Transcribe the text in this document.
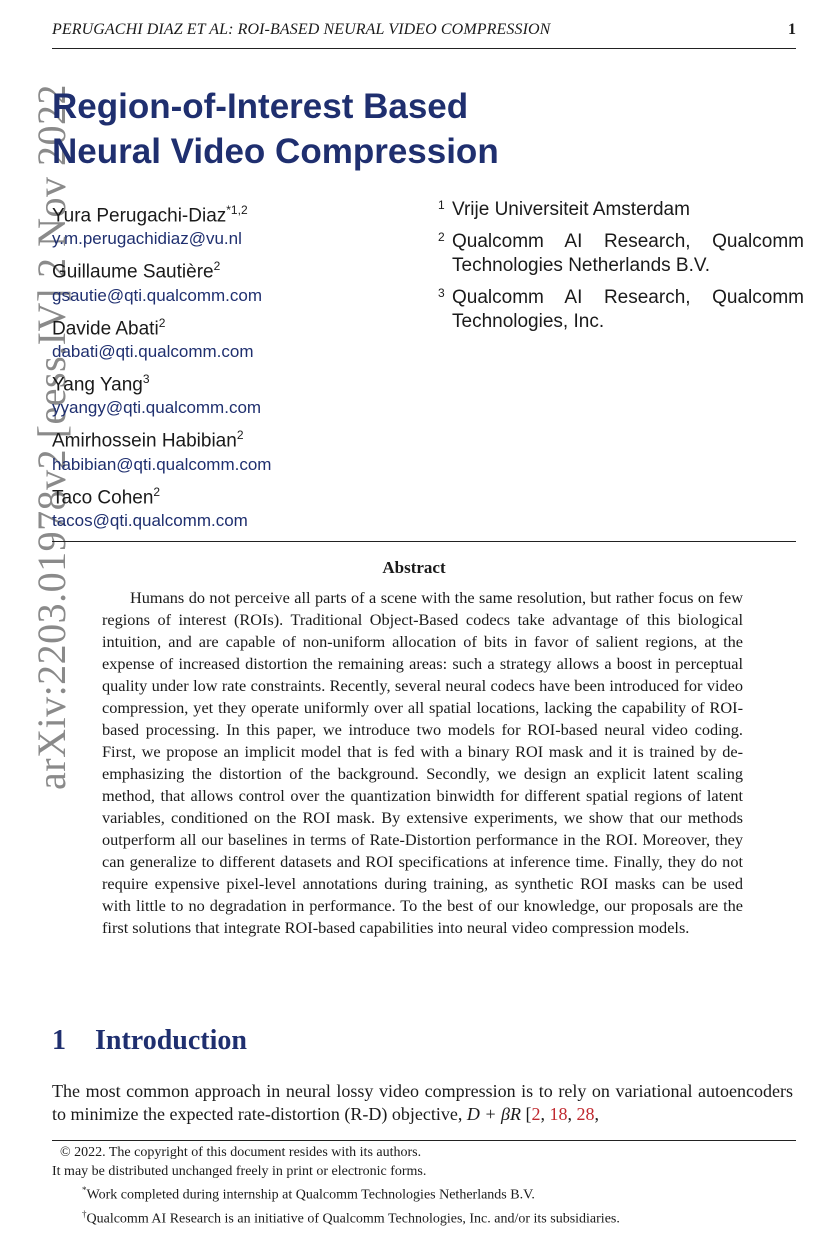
PERUGACHI DIAZ ET AL: ROI-BASED NEURAL VIDEO COMPRESSION	1
arXiv:2203.01978v2 [eess.IV] 2 Nov 2022
Region-of-Interest Based
Neural Video Compression
Yura Perugachi-Diaz$^{*1,2}$
y.m.perugachidiaz@vu.nl
Guillaume Sautière$^2$
gsautie@qti.qualcomm.com
Davide Abati$^2$
dabati@qti.qualcomm.com
Yang Yang$^3$
yyangy@qti.qualcomm.com
Amirhossein Habibian$^2$
habibian@qti.qualcomm.com
Taco Cohen$^2$
tacos@qti.qualcomm.com
1 Vrije Universiteit Amsterdam
2 Qualcomm AI Research, Qualcomm Technologies Netherlands B.V.
3 Qualcomm AI Research, Qualcomm Technologies, Inc.
Abstract

Humans do not perceive all parts of a scene with the same resolution, but rather focus on few regions of interest (ROIs). Traditional Object-Based codecs take advantage of this biological intuition, and are capable of non-uniform allocation of bits in favor of salient regions, at the expense of increased distortion the remaining areas: such a strategy allows a boost in perceptual quality under low rate constraints. Recently, several neural codecs have been introduced for video compression, yet they operate uniformly over all spatial locations, lacking the capability of ROI-based processing. In this paper, we introduce two models for ROI-based neural video coding. First, we propose an implicit model that is fed with a binary ROI mask and it is trained by de-emphasizing the distortion of the background. Secondly, we design an explicit latent scaling method, that allows control over the quantization binwidth for different spatial regions of latent variables, conditioned on the ROI mask. By extensive experiments, we show that our methods outperform all our baselines in terms of Rate-Distortion performance in the ROI. Moreover, they can generalize to different datasets and ROI specifications at inference time. Finally, they do not require expensive pixel-level annotations during training, as synthetic ROI masks can be used with little to no degradation in performance. To the best of our knowledge, our proposals are the first solutions that integrate ROI-based capabilities into neural video compression models.

1 Introduction

The most common approach in neural lossy video compression is to rely on variational autoencoders to minimize the expected rate-distortion (R-D) objective, D + βR [2, 18, 28,

© 2022. The copyright of this document resides with its authors.
It may be distributed unchanged freely in print or electronic forms.
*Work completed during internship at Qualcomm Technologies Netherlands B.V.
†Qualcomm AI Research is an initiative of Qualcomm Technologies, Inc. and/or its subsidiaries.
